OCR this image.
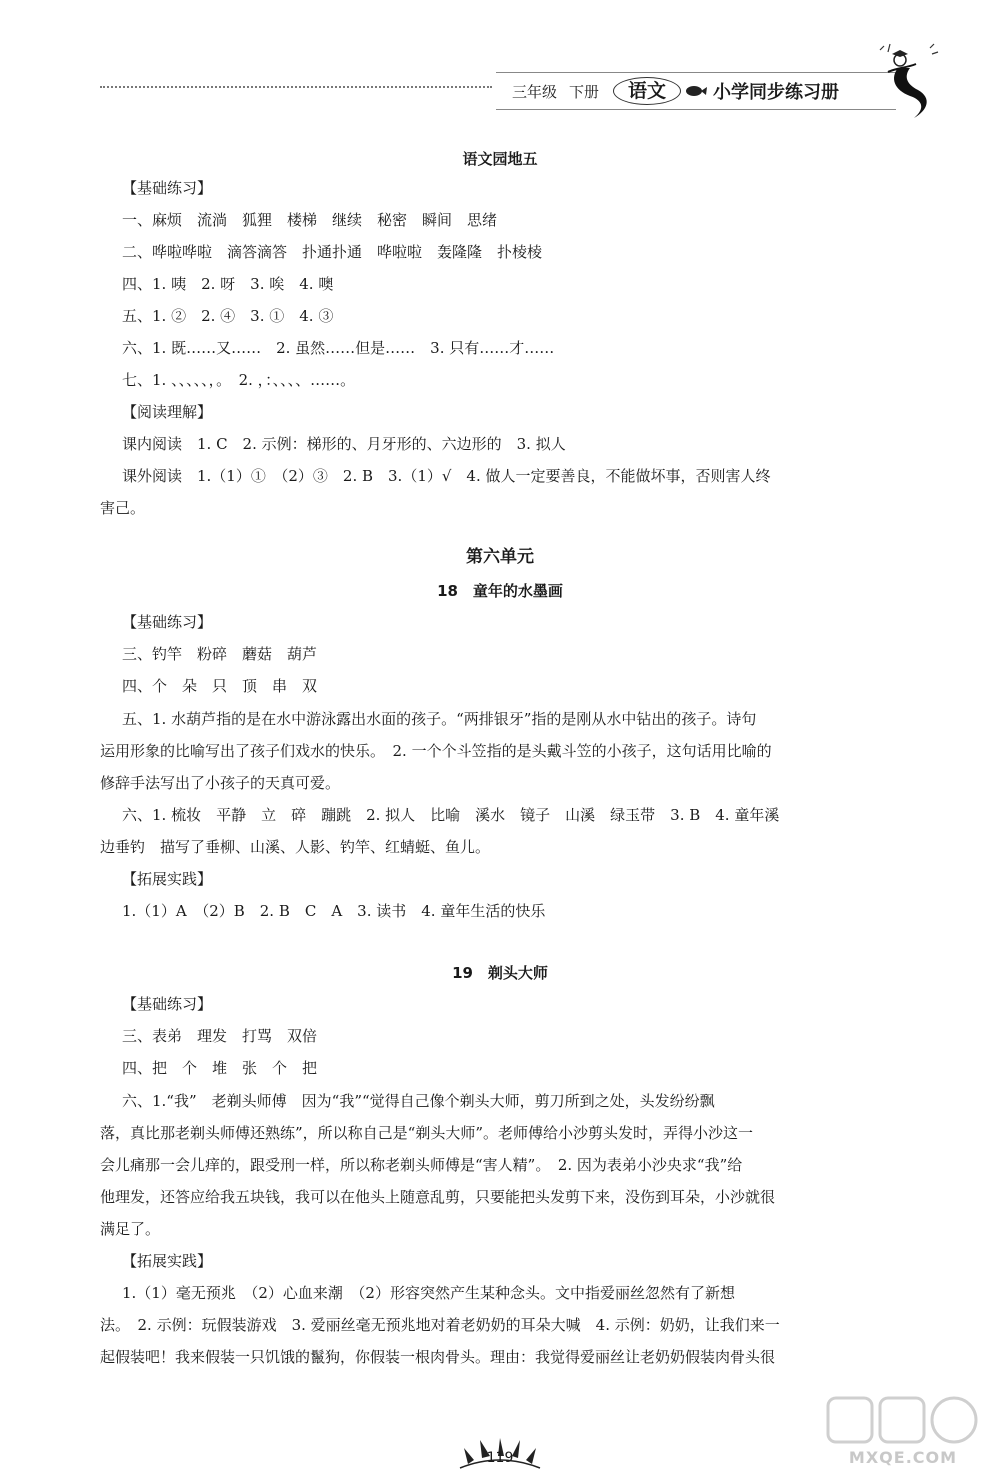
三年级 下册	语文	小学同步练习册
语文园地五
【基础练习】
一、麻烦　流淌　狐狸　楼梯　继续　秘密　瞬间　思绪
二、哗啦哗啦　滴答滴答　扑通扑通　哗啦啦　轰隆隆　扑棱棱
四、1. 咦　2. 呀　3. 唉　4. 噢
五、1. ②　2. ④　3. ①　4. ③
六、1. 既……又……　2. 虽然……但是……　3. 只有……才……
七、1. 、、、、、，。　2. ，：、、、、……。
【阅读理解】
课内阅读　1. C　2. 示例：梯形的、月牙形的、六边形的　3. 拟人
课外阅读　1.（1）①　（2）③　2. B　3.（1）√　4. 做人一定要善良，不能做坏事，否则害人终
害己。
第六单元
18　童年的水墨画
【基础练习】
三、钓竿　粉碎　蘑菇　葫芦
四、个　朵　只　顶　串　双
五、1. 水葫芦指的是在水中游泳露出水面的孩子。“两排银牙”指的是刚从水中钻出的孩子。诗句
运用形象的比喻写出了孩子们戏水的快乐。　2. 一个个斗笠指的是头戴斗笠的小孩子，这句话用比喻的
修辞手法写出了小孩子的天真可爱。
六、1. 梳妆　平静　立　碎　蹦跳　2. 拟人　比喻　溪水　镜子　山溪　绿玉带　3. B　4. 童年溪
边垂钓　描写了垂柳、山溪、人影、钓竿、红蜻蜓、鱼儿。
【拓展实践】
1.（1）A　（2）B　2. B　C　A　3. 读书　4. 童年生活的快乐
19　剃头大师
【基础练习】
三、表弟　理发　打骂　双倍
四、把　个　堆　张　个　把
六、1.“我”　老剃头师傅　因为“我”“觉得自己像个剃头大师，剪刀所到之处，头发纷纷飘
落，真比那老剃头师傅还熟练”，所以称自己是“剃头大师”。老师傅给小沙剪头发时，弄得小沙这一
会儿痛那一会儿痒的，跟受刑一样，所以称老剃头师傅是“害人精”。　2. 因为表弟小沙央求“我”给
他理发，还答应给我五块钱，我可以在他头上随意乱剪，只要能把头发剪下来，没伤到耳朵，小沙就很
满足了。
【拓展实践】
1.（1）毫无预兆　（2）心血来潮　（2）形容突然产生某种念头。文中指爱丽丝忽然有了新想
法。　2. 示例：玩假装游戏　3. 爱丽丝毫无预兆地对着老奶奶的耳朵大喊　4. 示例：奶奶，让我们来一
起假装吧！我来假装一只饥饿的鬣狗，你假装一根肉骨头。理由：我觉得爱丽丝让老奶奶假装肉骨头很
119	MXQE.COM
